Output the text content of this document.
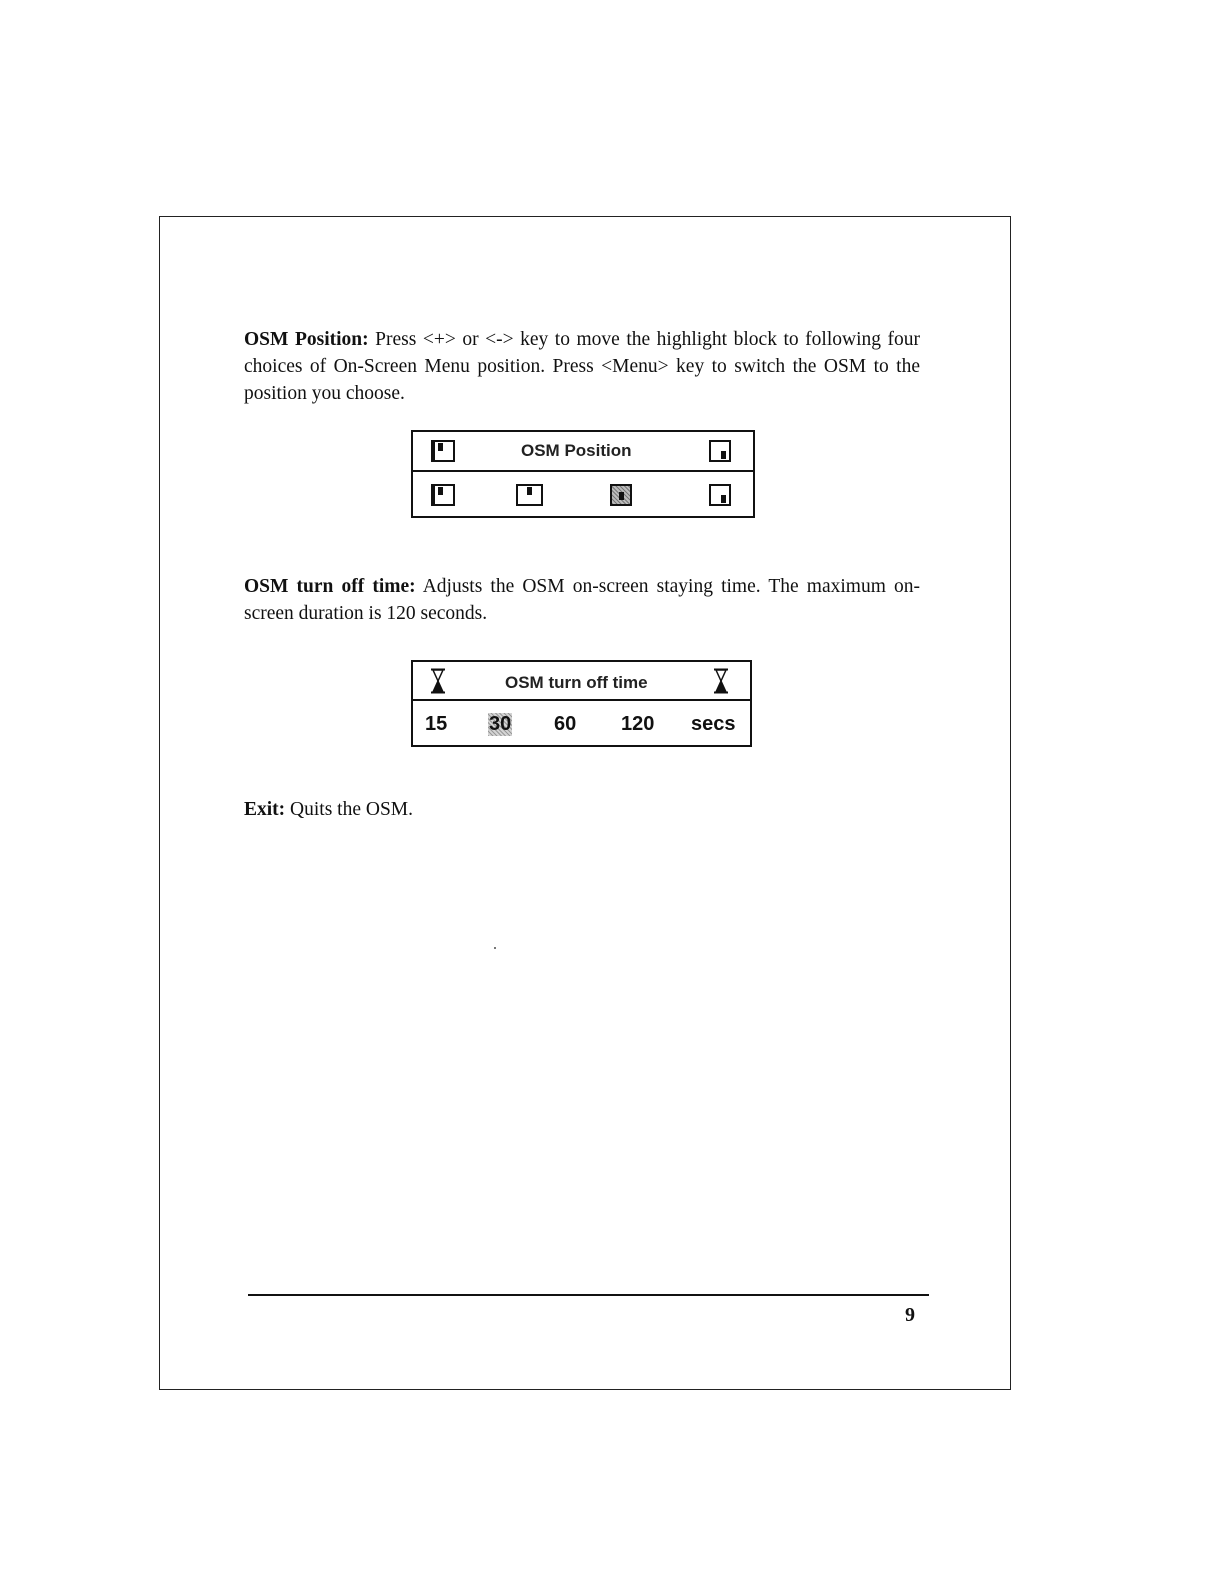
OSM Position: Press <+> or <-> key to move the highlight block to following four choices of On-Screen Menu position. Press <Menu> key to switch the OSM to the position you choose.

OSM Position

OSM turn off time: Adjusts the OSM on-screen staying time. The maximum on-screen duration is 120 seconds.

OSM turn off time
15 30 60 120 secs

Exit: Quits the OSM.

9
